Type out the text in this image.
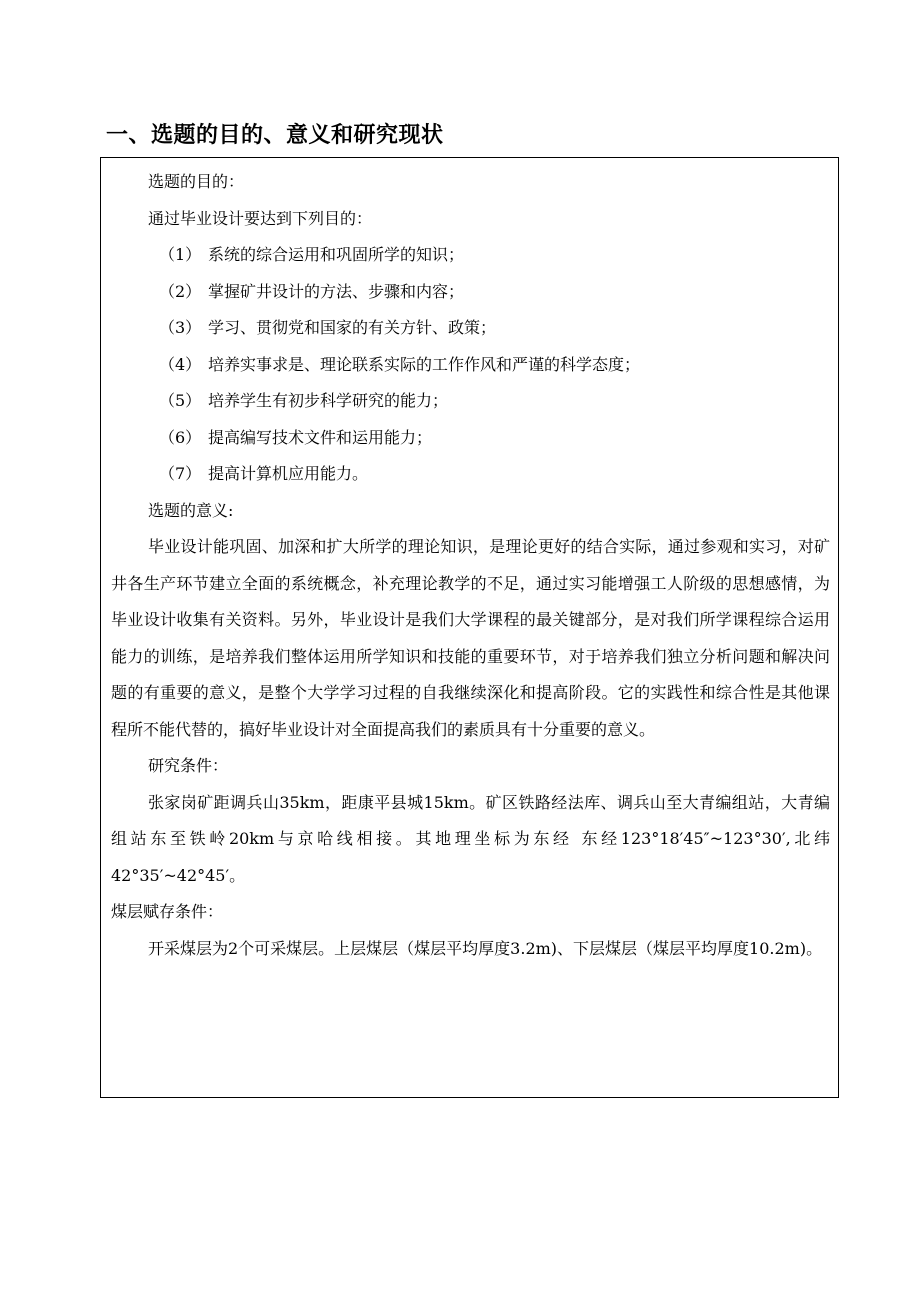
一、选题的目的、意义和研究现状
选题的目的：
通过毕业设计要达到下列目的：
（1） 系统的综合运用和巩固所学的知识；
（2） 掌握矿井设计的方法、步骤和内容；
（3） 学习、贯彻党和国家的有关方针、政策；
（4） 培养实事求是、理论联系实际的工作作风和严谨的科学态度；
（5） 培养学生有初步科学研究的能力；
（6） 提高编写技术文件和运用能力；
（7） 提高计算机应用能力。
选题的意义:
毕业设计能巩固、加深和扩大所学的理论知识，是理论更好的结合实际，通过参观和实习，对矿井各生产环节建立全面的系统概念，补充理论教学的不足，通过实习能增强工人阶级的思想感情，为毕业设计收集有关资料。另外，毕业设计是我们大学课程的最关键部分，是对我们所学课程综合运用能力的训练，是培养我们整体运用所学知识和技能的重要环节，对于培养我们独立分析问题和解决问题的有重要的意义，是整个大学学习过程的自我继续深化和提高阶段。它的实践性和综合性是其他课程所不能代替的，搞好毕业设计对全面提高我们的素质具有十分重要的意义。
研究条件：
张家岗矿距调兵山35km，距康平县城15km。矿区铁路经法库、调兵山至大青编组站，大青编组站东至铁岭20km与京哈线相接。其地理坐标为东经 东经123°18′45″~123°30′,北纬42°35′~42°45′。
煤层赋存条件：
开采煤层为2个可采煤层。上层煤层（煤层平均厚度3.2m)、下层煤层（煤层平均厚度10.2m)。
